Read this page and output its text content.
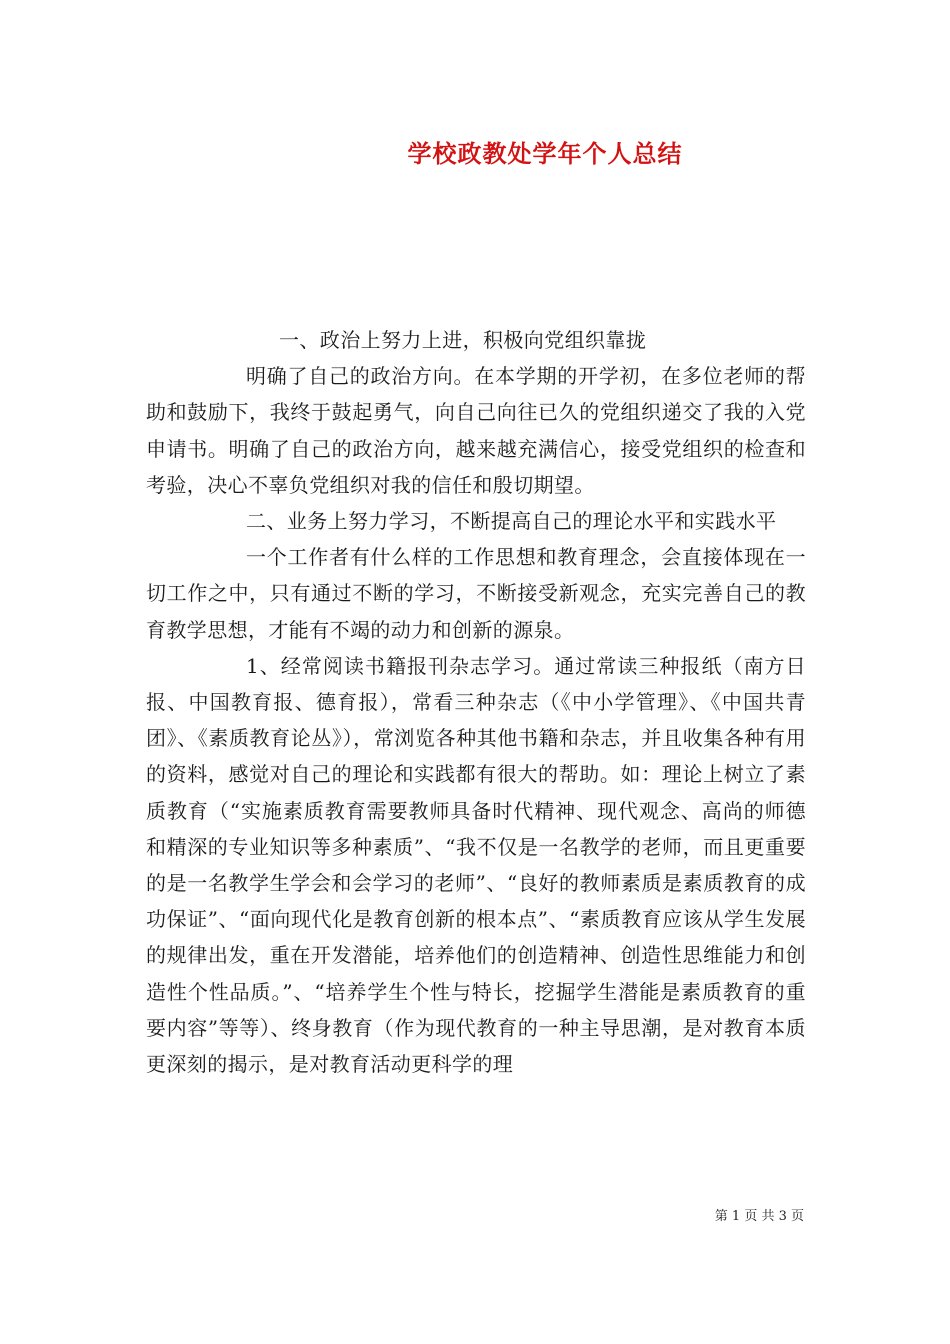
学校政教处学年个人总结

一、政治上努力上进，积极向党组织靠拢

明确了自己的政治方向。在本学期的开学初，在多位老师的帮助和鼓励下，我终于鼓起勇气，向自己向往已久的党组织递交了我的入党申请书。明确了自己的政治方向，越来越充满信心，接受党组织的检查和考验，决心不辜负党组织对我的信任和殷切期望。

二、业务上努力学习，不断提高自己的理论水平和实践水平

一个工作者有什么样的工作思想和教育理念，会直接体现在一切工作之中，只有通过不断的学习，不断接受新观念，充实完善自己的教育教学思想，才能有不竭的动力和创新的源泉。

1、经常阅读书籍报刊杂志学习。通过常读三种报纸（南方日报、中国教育报、德育报），常看三种杂志（《中小学管理》、《中国共青团》、《素质教育论丛》），常浏览各种其他书籍和杂志，并且收集各种有用的资料，感觉对自己的理论和实践都有很大的帮助。如：理论上树立了素质教育（“实施素质教育需要教师具备时代精神、现代观念、高尚的师德和精深的专业知识等多种素质”、“我不仅是一名教学的老师，而且更重要的是一名教学生学会和会学习的老师”、“良好的教师素质是素质教育的成功保证”、“面向现代化是教育创新的根本点”、“素质教育应该从学生发展的规律出发，重在开发潜能，培养他们的创造精神、创造性思维能力和创造性个性品质。”、“培养学生个性与特长，挖掘学生潜能是素质教育的重要内容”等等）、终身教育（作为现代教育的一种主导思潮，是对教育本质更深刻的揭示，是对教育活动更科学的理

第 1 页 共 3 页
